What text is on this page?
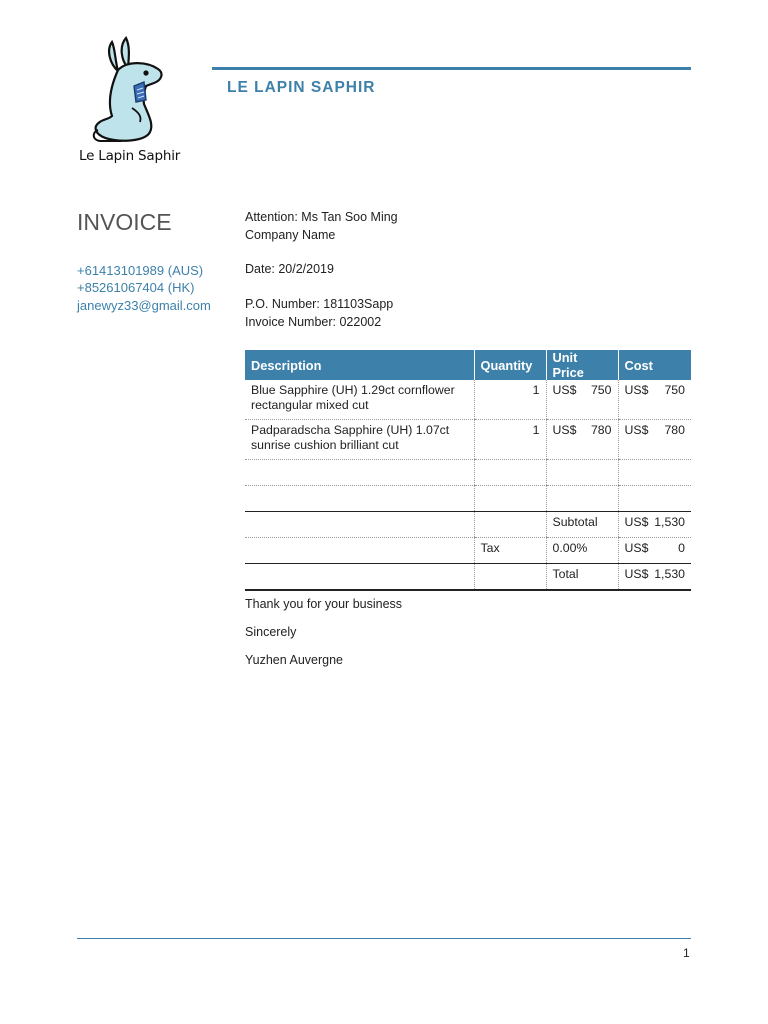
Le Lapin Saphir
LE LAPIN SAPHIR
INVOICE
+61413101989 (AUS)
+85261067404 (HK)
janewyz33@gmail.com
Attention: Ms Tan Soo Ming
Company Name
Date: 20/2/2019
P.O. Number: 181103Sapp
Invoice Number: 022002
Description	Quantity	Unit Price	Cost
Blue Sapphire (UH) 1.29ct cornflower rectangular mixed cut	1	US$ 750	US$ 750

Padparadscha Sapphire (UH) 1.07ct sunrise cushion brilliant cut	1	US$ 780	US$ 780

		Subtotal	US$ 1,530

	Tax	0.00%	US$ 0

		Total	US$ 1,530
Thank you for your business
Sincerely
Yuzhen Auvergne
1
